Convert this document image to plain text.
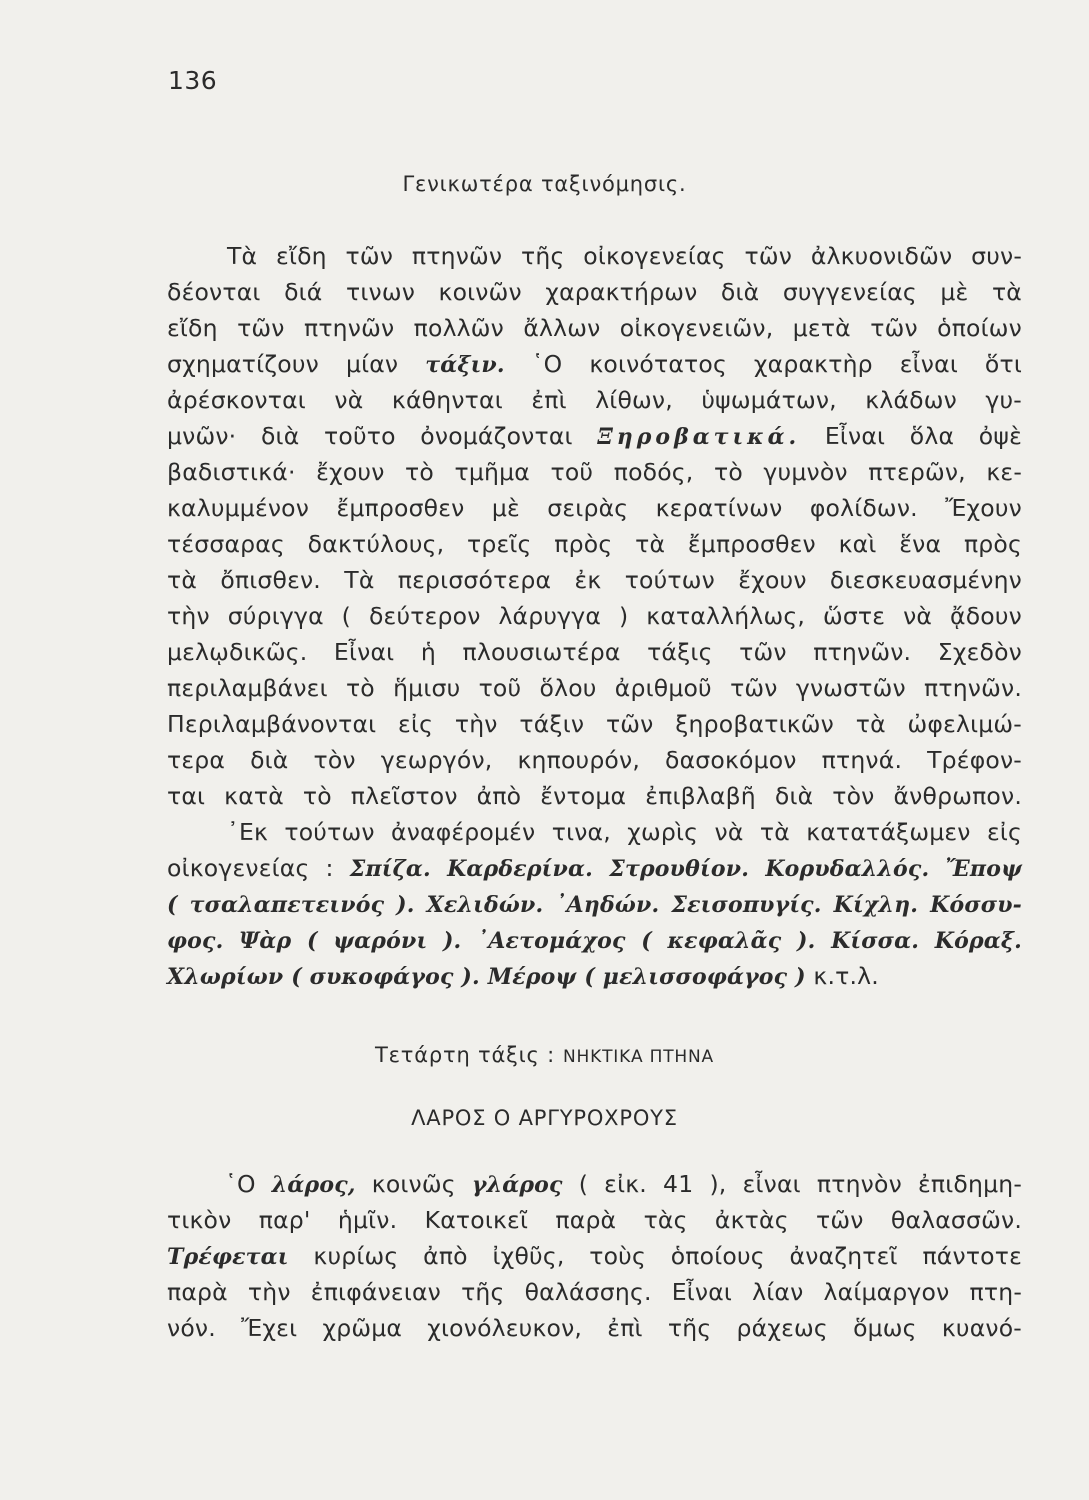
136
Γενικωτέρα ταξινόμησις.
Τὰ εἴδη τῶν πτηνῶν τῆς οἰκογενείας τῶν ἀλκυονιδῶν συν-
δέονται διά τινων κοινῶν χαρακτήρων διὰ συγγενείας μὲ τὰ
εἴδη τῶν πτηνῶν πολλῶν ἄλλων οἰκογενειῶν, μετὰ τῶν ὁποίων
σχηματίζουν μίαν τάξιν. ῾Ο κοινότατος χαρακτὴρ εἶναι ὅτι
ἀρέσκονται νὰ κάθηνται ἐπὶ λίθων, ὑψωμάτων, κλάδων γυ-
μνῶν· διὰ τοῦτο ὀνομάζονται Ξηροβατικά. Εἶναι ὅλα ὀψὲ
βαδιστικά· ἔχουν τὸ τμῆμα τοῦ ποδός, τὸ γυμνὸν πτερῶν, κε-
καλυμμένον ἔμπροσθεν μὲ σειρὰς κερατίνων φολίδων. Ἔχουν
τέσσαρας δακτύλους, τρεῖς πρὸς τὰ ἔμπροσθεν καὶ ἕνα πρὸς
τὰ ὄπισθεν. Τὰ περισσότερα ἐκ τούτων ἔχουν διεσκευασμένην
τὴν σύριγγα ( δεύτερον λάρυγγα ) καταλλήλως, ὥστε νὰ ᾄδουν
μελῳδικῶς. Εἶναι ἡ πλουσιωτέρα τάξις τῶν πτηνῶν. Σχεδὸν
περιλαμβάνει τὸ ἥμισυ τοῦ ὅλου ἀριθμοῦ τῶν γνωστῶν πτηνῶν.
Περιλαμβάνονται εἰς τὴν τάξιν τῶν ξηροβατικῶν τὰ ὠφελιμώ-
τερα διὰ τὸν γεωργόν, κηπουρόν, δασοκόμον πτηνά. Τρέφον-
ται κατὰ τὸ πλεῖστον ἀπὸ ἔντομα ἐπιβλαβῆ διὰ τὸν ἄνθρωπον.
᾿Εκ τούτων ἀναφέρομέν τινα, χωρὶς νὰ τὰ κατατάξωμεν εἰς
οἰκογενείας : Σπίζα. Καρδερίνα. Στρουθίον. Κορυδαλλός. Ἔποψ
( τσαλαπετεινός ). Χελιδών. ᾿Αηδών. Σεισοπυγίς. Κίχλη. Κόσσυ-
φος. Ψὰρ ( ψαρόνι ). ᾿Αετομάχος ( κεφαλᾶς ). Κίσσα. Κόραξ.
Χλωρίων ( συκοφάγος ). Μέροψ ( μελισσοφάγος ) κ.τ.λ.
Τετάρτη τάξις : ΝΗΚΤΙΚΑ ΠΤΗΝΑ
ΛΑΡΟΣ Ο ΑΡΓΥΡΟΧΡΟΥΣ
῾Ο λάρος, κοινῶς γλάρος ( εἰκ. 41 ), εἶναι πτηνὸν ἐπιδημη-
τικὸν παρ' ἡμῖν. Κατοικεῖ παρὰ τὰς ἀκτὰς τῶν θαλασσῶν.
Τρέφεται κυρίως ἀπὸ ἰχθῦς, τοὺς ὁποίους ἀναζητεῖ πάντοτε
παρὰ τὴν ἐπιφάνειαν τῆς θαλάσσης. Εἶναι λίαν λαίμαργον πτη-
νόν. Ἔχει χρῶμα χιονόλευκον, ἐπὶ τῆς ράχεως ὅμως κυανό-
